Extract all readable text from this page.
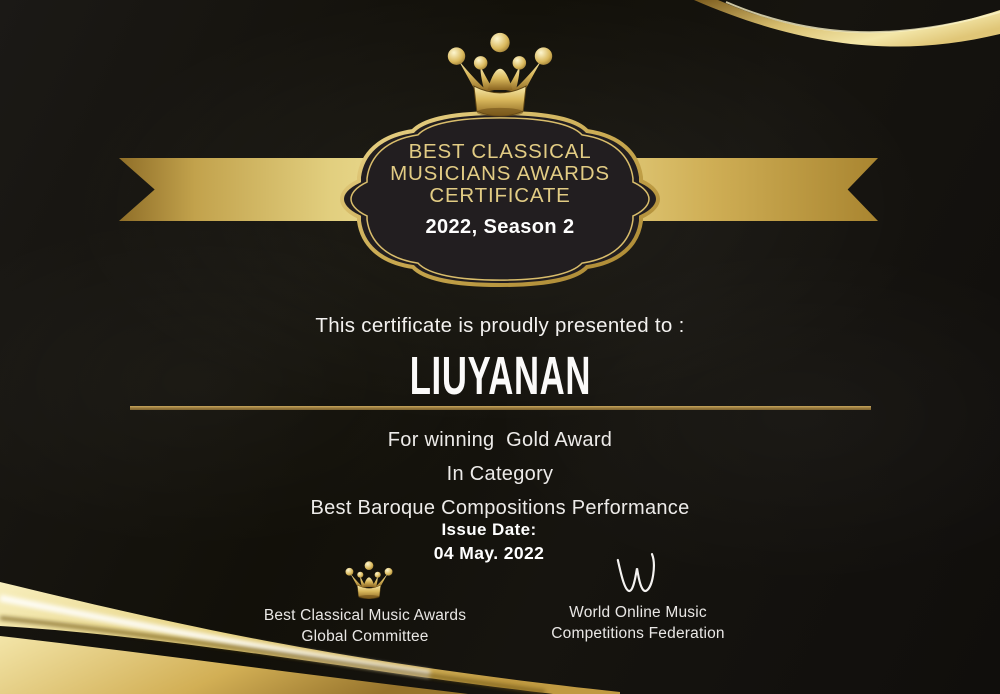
BEST CLASSICAL
MUSICIANS AWARDS
CERTIFICATE
2022, Season 2
This certificate is proudly presented to :
LIUYANAN

For winning  Gold Award

In Category

Best Baroque Compositions Performance

Issue Date:
04 May. 2022
Best Classical Music Awards
Global Committee
World Online Music
Competitions Federation
